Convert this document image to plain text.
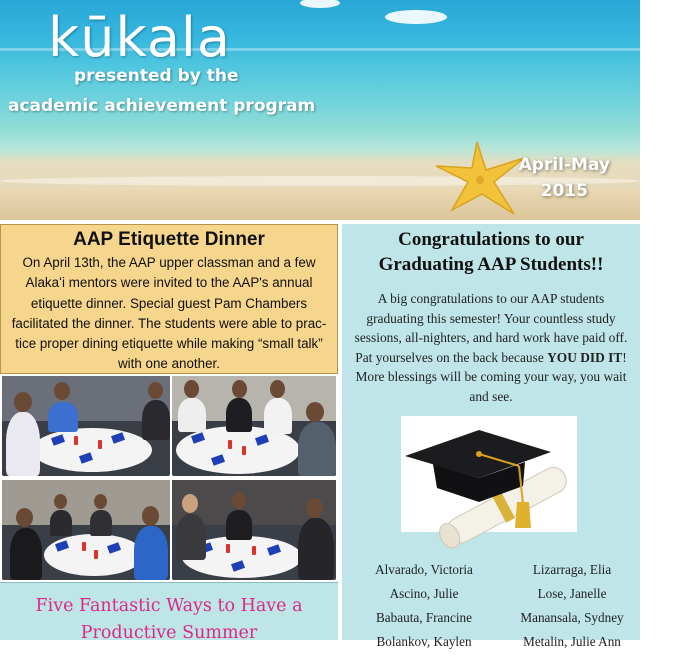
kūkala
presented by the
academic achievement program
April-May
2015
AAP Etiquette Dinner

On April 13th, the AAP upper classman and a few Alakaʻi mentors were invited to the AAP's annual etiquette dinner. Special guest Pam Chambers facilitated the dinner. The students were able to prac-tice proper dining etiquette while making “small talk” with one another.

Five Fantastic Ways to Have a
Productive Summer
Congratulations to our
Graduating AAP Students!!

A big congratulations to our AAP students graduating this semester! Your countless study sessions, all-nighters, and hard work have paid off. Pat yourselves on the back because YOU DID IT! More blessings will be coming your way, you wait and see.

Alvarado, Victoria	Lizarraga, Elia
Ascino, Julie	Lose, Janelle
Babauta, Francine	Manansala, Sydney
Bolankov, Kaylen	Metalin, Julie Ann
